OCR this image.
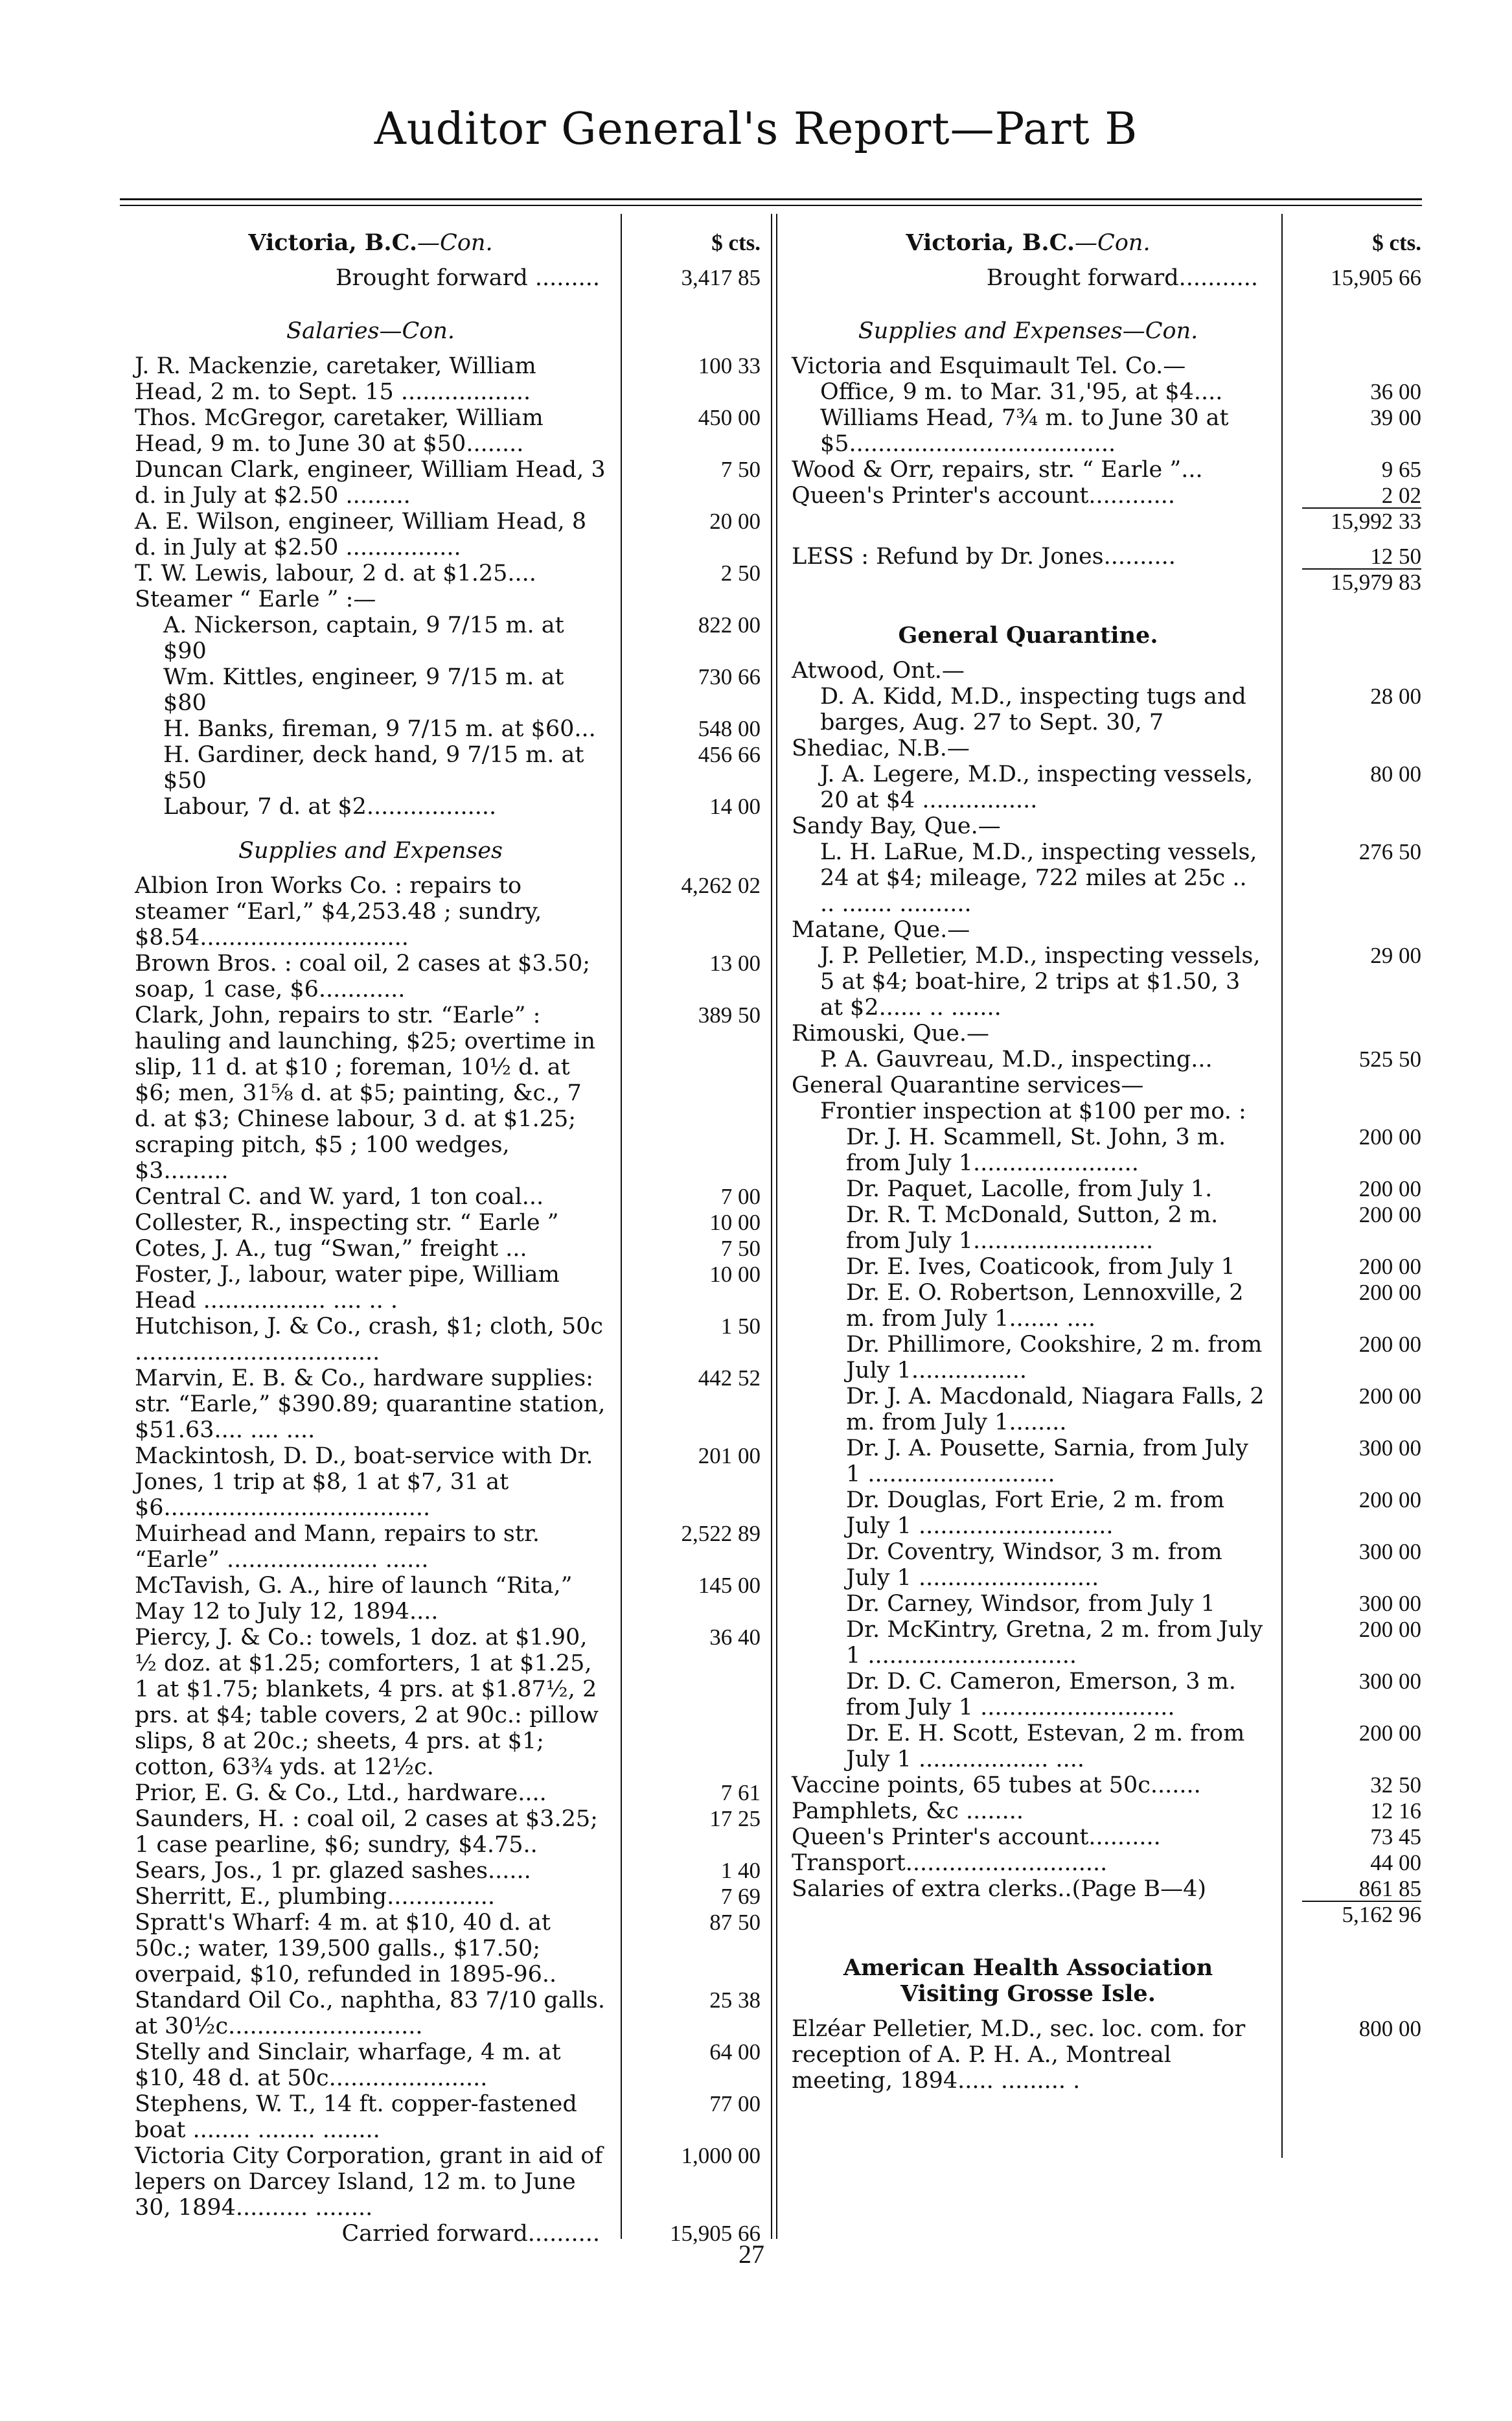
Auditor General's Report—Part B
Victoria, B.C.—Con.	$ cts.
Brought forward .........	3,417 85
Salaries—Con.
J. R. Mackenzie, caretaker, William Head, 2 m. to Sept. 15 ..................
100 33
Thos. McGregor, caretaker, William Head, 9 m. to June 30 at $50........
450 00
Duncan Clark, engineer, William Head, 3 d. in July at $2.50 .........
7 50
A. E. Wilson, engineer, William Head, 8 d. in July at $2.50 ................
20 00
T. W. Lewis, labour, 2 d. at $1.25....	2 50
Steamer “ Earle ” :—
A. Nickerson, captain, 9 7/15 m. at $90
822 00
Wm. Kittles, engineer, 9 7/15 m. at $80
730 66
H. Banks, fireman, 9 7/15 m. at $60...	548 00
H. Gardiner, deck hand, 9 7/15 m. at $50
456 66
Labour, 7 d. at $2..................	14 00
Supplies and Expenses
Albion Iron Works Co. : repairs to steamer “Earl,” $4,253.48 ; sundry, $8.54.............................
4,262 02
Brown Bros. : coal oil, 2 cases at $3.50; soap, 1 case, $6............
13 00
Clark, John, repairs to str. “Earle” : hauling and launching, $25; overtime in slip, 11 d. at $10 ; foreman, 10½ d. at $6; men, 31⅝ d. at $5; painting, &c., 7 d. at $3; Chinese labour, 3 d. at $1.25; scraping pitch, $5 ; 100 wedges, $3.........
389 50
Central C. and W. yard, 1 ton coal...	7 00
Collester, R., inspecting str. “ Earle ”	10 00
Cotes, J. A., tug “Swan,” freight ...	7 50
Foster, J., labour, water pipe, William Head ................. .... .. .
10 00
Hutchison, J. & Co., crash, $1; cloth, 50c ..................................
1 50
Marvin, E. B. & Co., hardware supplies: str. “Earle,” $390.89; quarantine station, $51.63.... .... ....
442 52
Mackintosh, D. D., boat-service with Dr. Jones, 1 trip at $8, 1 at $7, 31 at $6.....................................
201 00
Muirhead and Mann, repairs to str. “Earle” ..................... ......
2,522 89
McTavish, G. A., hire of launch “Rita,” May 12 to July 12, 1894....
145 00
Piercy, J. & Co.: towels, 1 doz. at $1.90, ½ doz. at $1.25; comforters, 1 at $1.25, 1 at $1.75; blankets, 4 prs. at $1.87½, 2 prs. at $4; table covers, 2 at 90c.: pillow slips, 8 at 20c.; sheets, 4 prs. at $1; cotton, 63¾ yds. at 12½c.
36 40
Prior, E. G. & Co., Ltd., hardware....	7 61
Saunders, H. : coal oil, 2 cases at $3.25; 1 case pearline, $6; sundry, $4.75..
17 25
Sears, Jos., 1 pr. glazed sashes......	1 40
Sherritt, E., plumbing...............	7 69
Spratt's Wharf: 4 m. at $10, 40 d. at 50c.; water, 139,500 galls., $17.50; overpaid, $10, refunded in 1895-96..
87 50
Standard Oil Co., naphtha, 83 7/10 galls. at 30½c...........................
25 38
Stelly and Sinclair, wharfage, 4 m. at $10, 48 d. at 50c......................
64 00
Stephens, W. T., 14 ft. copper-fastened boat ........ ........ ........
77 00
Victoria City Corporation, grant in aid of lepers on Darcey Island, 12 m. to June 30, 1894.......... ........
1,000 00
Carried forward..........	15,905 66
Victoria, B.C.—Con.	$ cts.
Brought forward...........	15,905 66
Supplies and Expenses—Con.
Victoria and Esquimault Tel. Co.—
Office, 9 m. to Mar. 31,'95, at $4....	36 00
Williams Head, 7¾ m. to June 30 at $5.....................................
39 00
Wood & Orr, repairs, str. “ Earle ”...	9 65
Queen's Printer's account............	2 02
15,992 33
LESS : Refund by Dr. Jones..........	12 50
15,979 83
General Quarantine.
Atwood, Ont.—
D. A. Kidd, M.D., inspecting tugs and barges, Aug. 27 to Sept. 30, 7
28 00
Shediac, N.B.—
J. A. Legere, M.D., inspecting vessels, 20 at $4 ................
80 00
Sandy Bay, Que.—
L. H. LaRue, M.D., inspecting vessels, 24 at $4; mileage, 722 miles at 25c .. .. ....... ..........
276 50
Matane, Que.—
J. P. Pelletier, M.D., inspecting vessels, 5 at $4; boat-hire, 2 trips at $1.50, 3 at $2...... .. .......
29 00
Rimouski, Que.—
P. A. Gauvreau, M.D., inspecting...	525 50
General Quarantine services—
Frontier inspection at $100 per mo. :
Dr. J. H. Scammell, St. John, 3 m. from July 1.......................
200 00
Dr. Paquet, Lacolle, from July 1.	200 00
Dr. R. T. McDonald, Sutton, 2 m. from July 1.........................
200 00
Dr. E. Ives, Coaticook, from July 1	200 00
Dr. E. O. Robertson, Lennoxville, 2 m. from July 1....... ....
200 00
Dr. Phillimore, Cookshire, 2 m. from July 1................
200 00
Dr. J. A. Macdonald, Niagara Falls, 2 m. from July 1........
200 00
Dr. J. A. Pousette, Sarnia, from July 1 ..........................
300 00
Dr. Douglas, Fort Erie, 2 m. from July 1 ...........................
200 00
Dr. Coventry, Windsor, 3 m. from July 1 .........................
300 00
Dr. Carney, Windsor, from July 1	300 00
Dr. McKintry, Gretna, 2 m. from July 1 .............................
200 00
Dr. D. C. Cameron, Emerson, 3 m. from July 1 ...........................
300 00
Dr. E. H. Scott, Estevan, 2 m. from July 1 .................. ....
200 00
Vaccine points, 65 tubes at 50c.......	32 50
Pamphlets, &c ........	12 16
Queen's Printer's account..........	73 45
Transport............................	44 00
Salaries of extra clerks..(Page B—4)	861 85
5,162 96
American Health Association Visiting Grosse Isle.
Elzéar Pelletier, M.D., sec. loc. com. for reception of A. P. H. A., Montreal meeting, 1894..... ......... .
800 00
27
